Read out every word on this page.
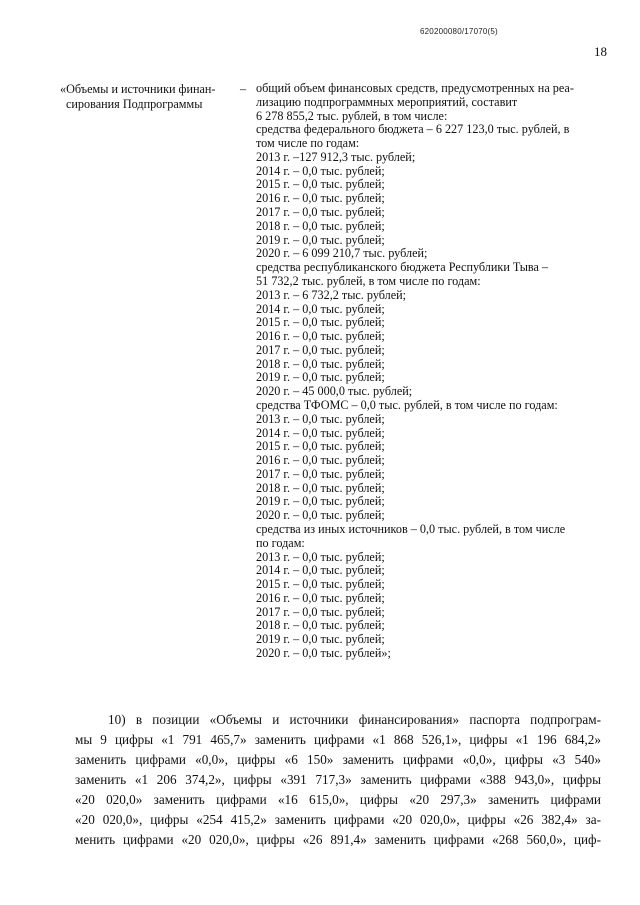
620200080/17070(5)
18
«Объемы и источники финан-
сирования Подпрограммы
– общий объем финансовых средств, предусмотренных на реа-
лизацию подпрограммных мероприятий, составит
6 278 855,2 тыс. рублей, в том числе:
средства федерального бюджета – 6 227 123,0 тыс. рублей, в
том числе по годам:
2013 г. –127 912,3 тыс. рублей;
2014 г. – 0,0 тыс. рублей;
2015 г. – 0,0 тыс. рублей;
2016 г. – 0,0 тыс. рублей;
2017 г. – 0,0 тыс. рублей;
2018 г. – 0,0 тыс. рублей;
2019 г. – 0,0 тыс. рублей;
2020 г. – 6 099 210,7 тыс. рублей;
средства республиканского бюджета Республики Тыва –
51 732,2 тыс. рублей, в том числе по годам:
2013 г. – 6 732,2 тыс. рублей;
2014 г. – 0,0 тыс. рублей;
2015 г. – 0,0 тыс. рублей;
2016 г. – 0,0 тыс. рублей;
2017 г. – 0,0 тыс. рублей;
2018 г. – 0,0 тыс. рублей;
2019 г. – 0,0 тыс. рублей;
2020 г. – 45 000,0 тыс. рублей;
средства ТФОМС – 0,0 тыс. рублей, в том числе по годам:
2013 г. – 0,0 тыс. рублей;
2014 г. – 0,0 тыс. рублей;
2015 г. – 0,0 тыс. рублей;
2016 г. – 0,0 тыс. рублей;
2017 г. – 0,0 тыс. рублей;
2018 г. – 0,0 тыс. рублей;
2019 г. – 0,0 тыс. рублей;
2020 г. – 0,0 тыс. рублей;
средства из иных источников – 0,0 тыс. рублей, в том числе
по годам:
2013 г. – 0,0 тыс. рублей;
2014 г. – 0,0 тыс. рублей;
2015 г. – 0,0 тыс. рублей;
2016 г. – 0,0 тыс. рублей;
2017 г. – 0,0 тыс. рублей;
2018 г. – 0,0 тыс. рублей;
2019 г. – 0,0 тыс. рублей;
2020 г. – 0,0 тыс. рублей»;
10) в позиции «Объемы и источники финансирования» паспорта подпрограм-
мы 9 цифры «1 791 465,7» заменить цифрами «1 868 526,1», цифры «1 196 684,2»
заменить цифрами «0,0», цифры «6 150» заменить цифрами «0,0», цифры «3 540»
заменить «1 206 374,2», цифры «391 717,3» заменить цифрами «388 943,0», цифры
«20 020,0» заменить цифрами «16 615,0», цифры «20 297,3» заменить цифрами
«20 020,0», цифры «254 415,2» заменить цифрами «20 020,0», цифры «26 382,4» за-
менить цифрами «20 020,0», цифры «26 891,4» заменить цифрами «268 560,0», циф-
